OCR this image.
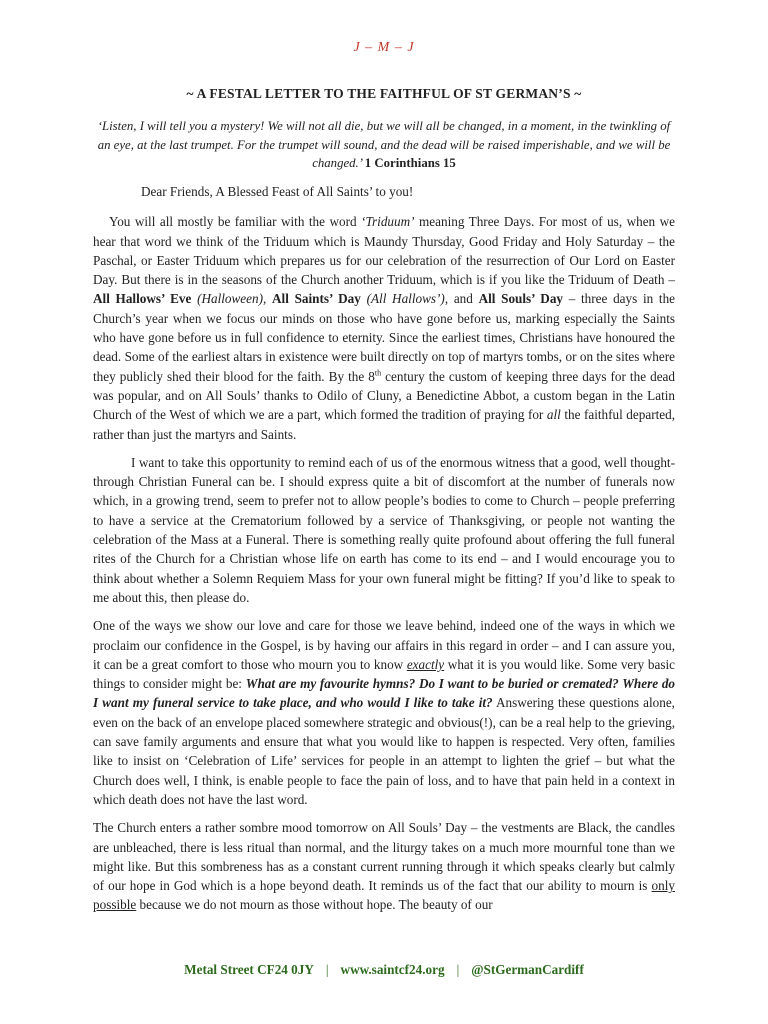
J – M – J
~ A FESTAL LETTER TO THE FAITHFUL OF ST GERMAN’S ~
‘Listen, I will tell you a mystery! We will not all die, but we will all be changed, in a moment, in the twinkling of an eye, at the last trumpet. For the trumpet will sound, and the dead will be raised imperishable, and we will be changed.’ 1 Corinthians 15

Dear Friends, A Blessed Feast of All Saints’ to you!

You will all mostly be familiar with the word ‘Triduum’ meaning Three Days. For most of us, when we hear that word we think of the Triduum which is Maundy Thursday, Good Friday and Holy Saturday – the Paschal, or Easter Triduum which prepares us for our celebration of the resurrection of Our Lord on Easter Day. But there is in the seasons of the Church another Triduum, which is if you like the Triduum of Death – All Hallows’ Eve (Halloween), All Saints’ Day (All Hallows’), and All Souls’ Day – three days in the Church’s year when we focus our minds on those who have gone before us, marking especially the Saints who have gone before us in full confidence to eternity. Since the earliest times, Christians have honoured the dead. Some of the earliest altars in existence were built directly on top of martyrs tombs, or on the sites where they publicly shed their blood for the faith. By the 8th century the custom of keeping three days for the dead was popular, and on All Souls’ thanks to Odilo of Cluny, a Benedictine Abbot, a custom began in the Latin Church of the West of which we are a part, which formed the tradition of praying for all the faithful departed, rather than just the martyrs and Saints.

I want to take this opportunity to remind each of us of the enormous witness that a good, well thought-through Christian Funeral can be. I should express quite a bit of discomfort at the number of funerals now which, in a growing trend, seem to prefer not to allow people’s bodies to come to Church – people preferring to have a service at the Crematorium followed by a service of Thanksgiving, or people not wanting the celebration of the Mass at a Funeral. There is something really quite profound about offering the full funeral rites of the Church for a Christian whose life on earth has come to its end – and I would encourage you to think about whether a Solemn Requiem Mass for your own funeral might be fitting? If you’d like to speak to me about this, then please do.

One of the ways we show our love and care for those we leave behind, indeed one of the ways in which we proclaim our confidence in the Gospel, is by having our affairs in this regard in order – and I can assure you, it can be a great comfort to those who mourn you to know exactly what it is you would like. Some very basic things to consider might be: What are my favourite hymns? Do I want to be buried or cremated? Where do I want my funeral service to take place, and who would I like to take it? Answering these questions alone, even on the back of an envelope placed somewhere strategic and obvious(!), can be a real help to the grieving, can save family arguments and ensure that what you would like to happen is respected. Very often, families like to insist on ‘Celebration of Life’ services for people in an attempt to lighten the grief – but what the Church does well, I think, is enable people to face the pain of loss, and to have that pain held in a context in which death does not have the last word.

The Church enters a rather sombre mood tomorrow on All Souls’ Day – the vestments are Black, the candles are unbleached, there is less ritual than normal, and the liturgy takes on a much more mournful tone than we might like. But this sombreness has as a constant current running through it which speaks clearly but calmly of our hope in God which is a hope beyond death. It reminds us of the fact that our ability to mourn is only possible because we do not mourn as those without hope. The beauty of our

Metal Street CF24 0JY | www.saintcf24.org | @StGermanCardiff
